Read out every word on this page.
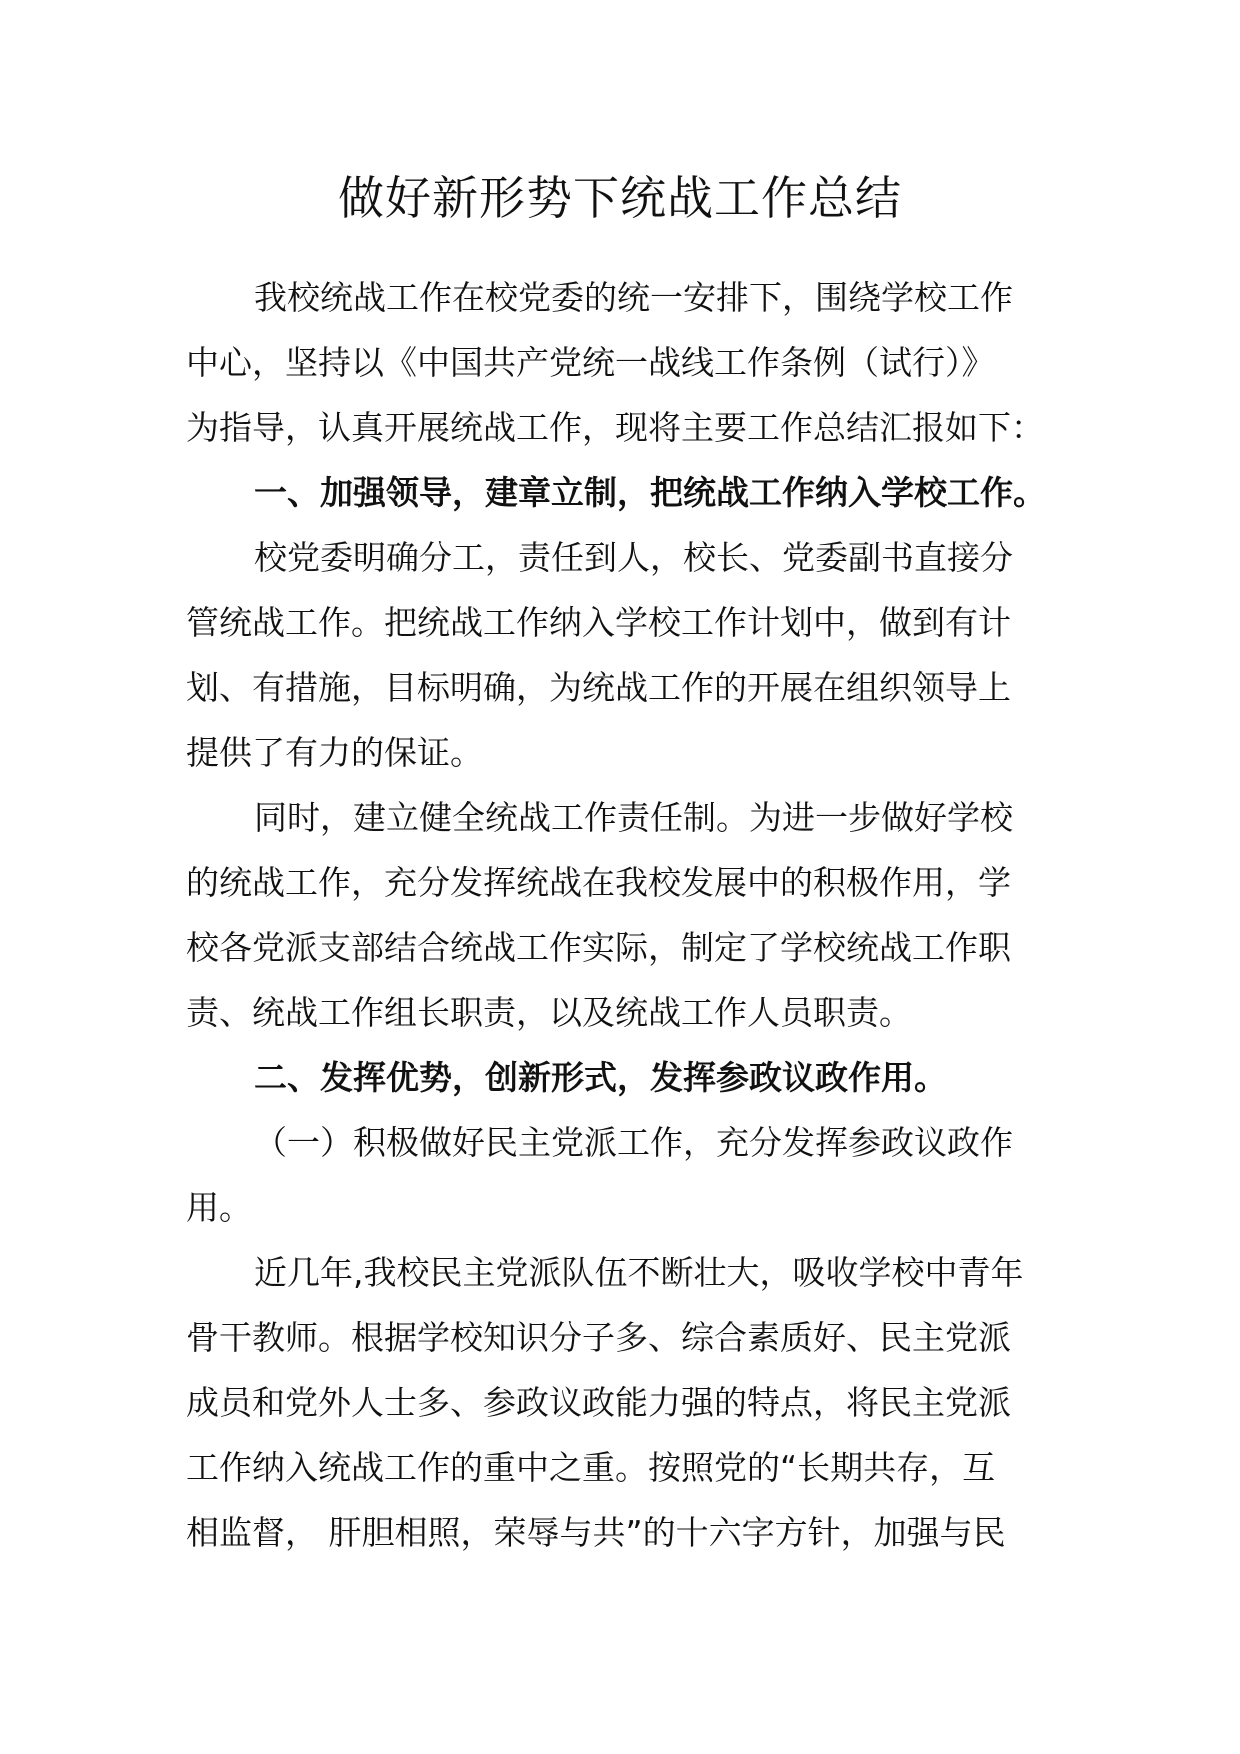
做好新形势下统战工作总结
我校统战工作在校党委的统一安排下，围绕学校工作
中心，坚持以《中国共产党统一战线工作条例（试行）》
为指导，认真开展统战工作，现将主要工作总结汇报如下：
一、加强领导，建章立制，把统战工作纳入学校工作。
校党委明确分工，责任到人，校长、党委副书直接分
管统战工作。把统战工作纳入学校工作计划中，做到有计
划、有措施，目标明确，为统战工作的开展在组织领导上
提供了有力的保证。
同时，建立健全统战工作责任制。为进一步做好学校
的统战工作，充分发挥统战在我校发展中的积极作用，学
校各党派支部结合统战工作实际，制定了学校统战工作职
责、统战工作组长职责，以及统战工作人员职责。
二、发挥优势，创新形式，发挥参政议政作用。
（一）积极做好民主党派工作，充分发挥参政议政作
用。
近几年,我校民主党派队伍不断壮大，吸收学校中青年
骨干教师。根据学校知识分子多、综合素质好、民主党派
成员和党外人士多、参政议政能力强的特点，将民主党派
工作纳入统战工作的重中之重。按照党的“长期共存，互
相监督， 肝胆相照，荣辱与共”的十六字方针，加强与民
